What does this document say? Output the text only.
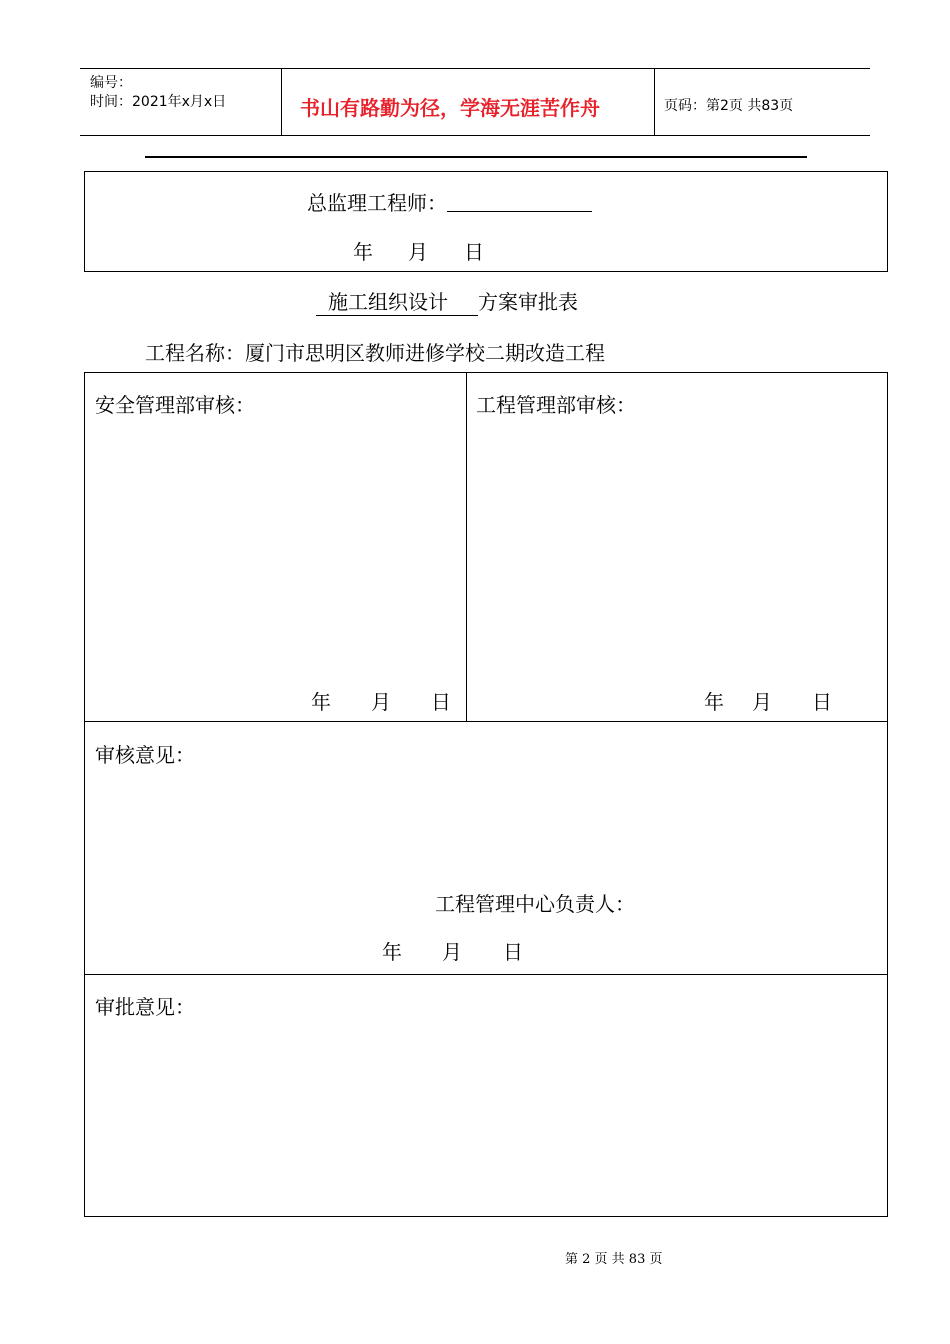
编号：
时间：2021年x月x日	书山有路勤为径，学海无涯苦作舟	页码：第2页 共83页
总监理工程师：
年 月 日
施工组织设计 方案审批表
工程名称：厦门市思明区教师进修学校二期改造工程
安全管理部审核：
年 月 日
工程管理部审核：
年 月 日
审核意见：
工程管理中心负责人：
年 月 日
审批意见：
第 2 页 共 83 页
